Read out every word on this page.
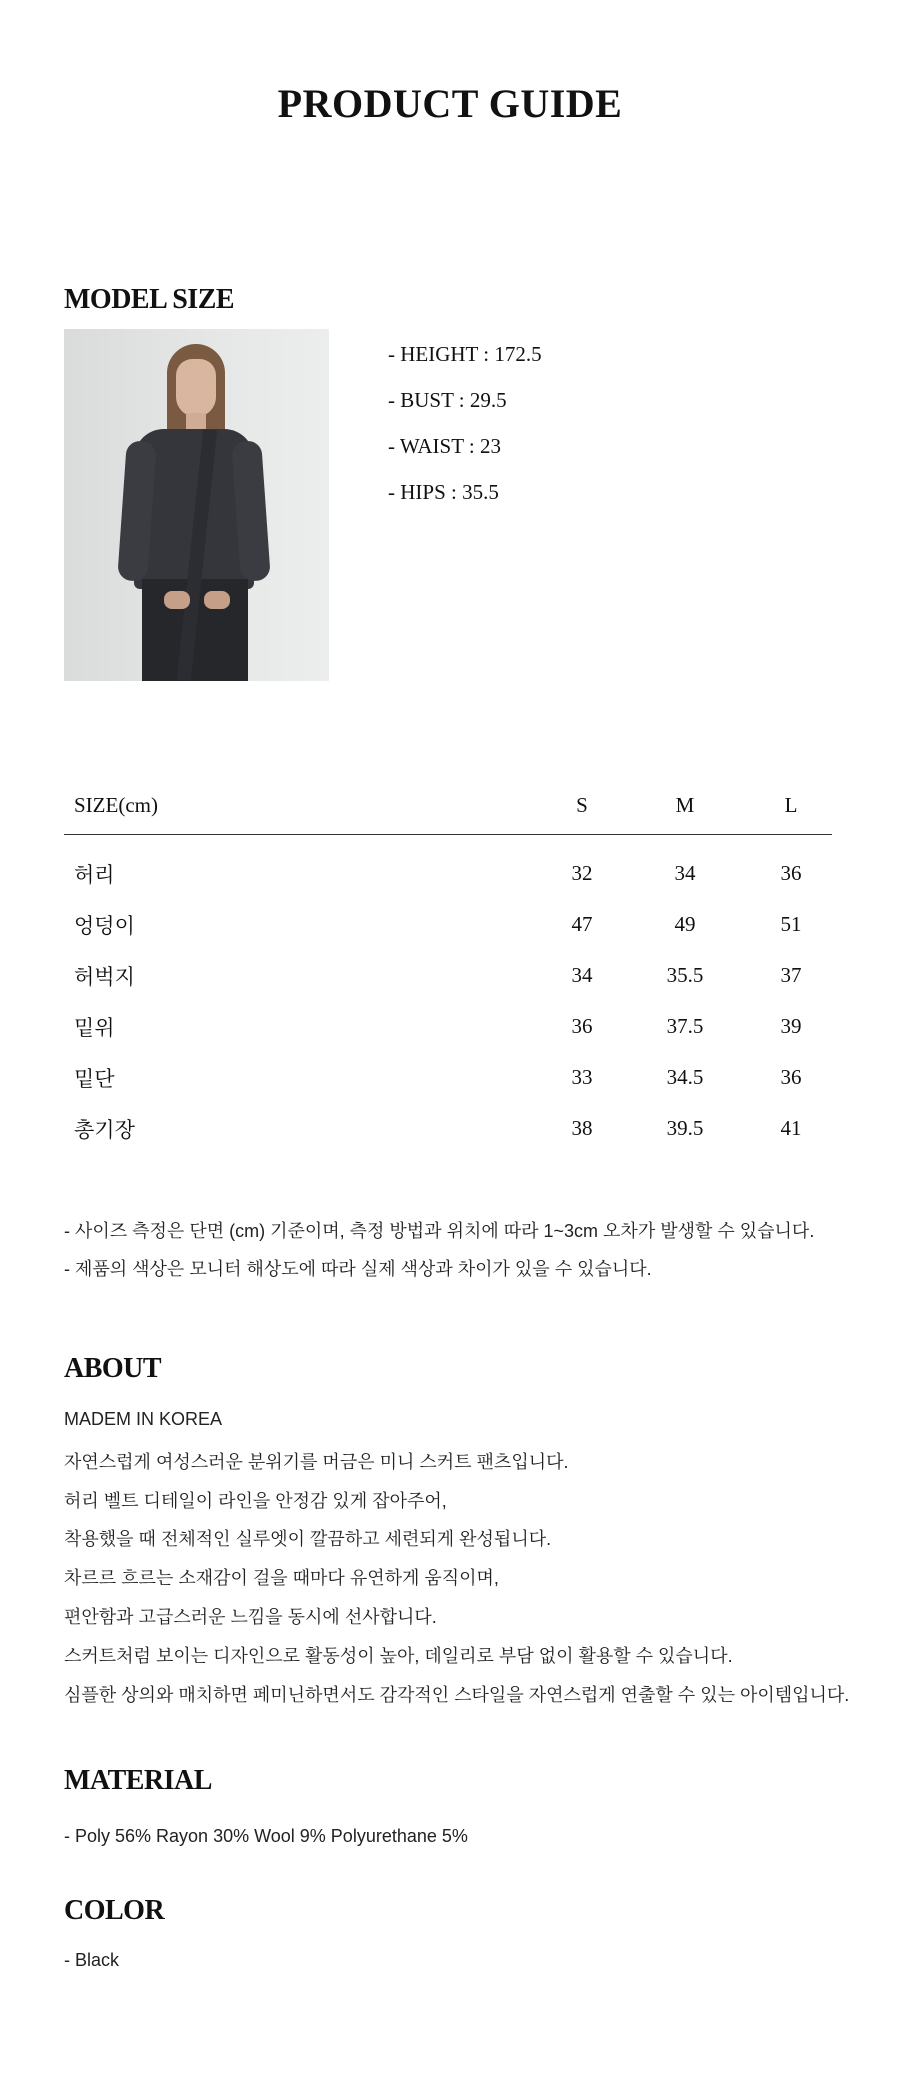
PRODUCT GUIDE
MODEL SIZE
- HEIGHT : 172.5
- BUST : 29.5
- WAIST : 23
- HIPS : 35.5
SIZE(cm)	S	M	L
허리	32	34	36
엉덩이	47	49	51
허벅지	34	35.5	37
밑위	36	37.5	39
밑단	33	34.5	36
총기장	38	39.5	41
- 사이즈 측정은 단면 (cm) 기준이며, 측정 방법과 위치에 따라 1~3cm 오차가 발생할 수 있습니다.
- 제품의 색상은 모니터 해상도에 따라 실제 색상과 차이가 있을 수 있습니다.
ABOUT
MADEM IN KOREA
자연스럽게 여성스러운 분위기를 머금은 미니 스커트 팬츠입니다.
허리 벨트 디테일이 라인을 안정감 있게 잡아주어,
착용했을 때 전체적인 실루엣이 깔끔하고 세련되게 완성됩니다.
차르르 흐르는 소재감이 걸을 때마다 유연하게 움직이며,
편안함과 고급스러운 느낌을 동시에 선사합니다.
스커트처럼 보이는 디자인으로 활동성이 높아, 데일리로 부담 없이 활용할 수 있습니다.
심플한 상의와 매치하면 페미닌하면서도 감각적인 스타일을 자연스럽게 연출할 수 있는 아이템입니다.
MATERIAL
- Poly 56% Rayon 30% Wool 9% Polyurethane 5%
COLOR
- Black
